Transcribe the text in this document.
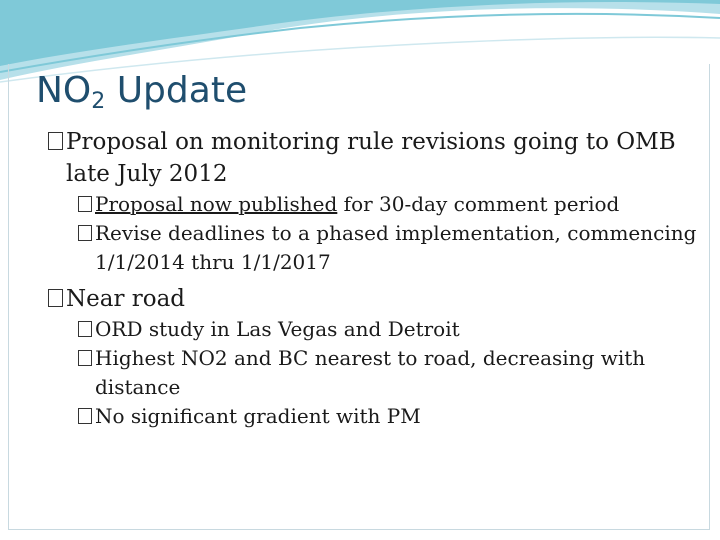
$NO_2$ Update

Proposal on monitoring rule revisions going to OMB late July 2012

Proposal now published for 30-day comment period

Revise deadlines to a phased implementation, commencing 1/1/2014 thru 1/1/2017

Near road

ORD study in Las Vegas and Detroit

Highest NO2 and BC nearest to road, decreasing with distance

No significant gradient with PM
